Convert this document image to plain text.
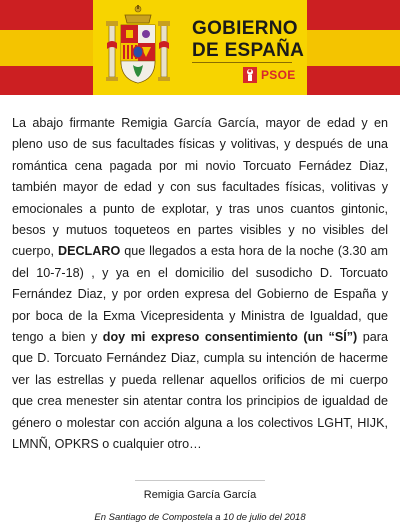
GOBIERNO
DE ESPAÑA
PSOE
La abajo firmante Remigia García García, mayor de edad y en pleno uso de sus facultades físicas y volitivas, y después de una romántica cena pagada por mi novio Torcuato Fernádez Diaz, también mayor de edad y con sus facultades físicas, volitivas y emocionales a punto de explotar, y tras unos cuantos gintonic, besos y mutuos toqueteos en partes visibles y no visibles del cuerpo, DECLARO que llegados a esta hora de la noche (3.30 am del 10-7-18) , y ya en el domicilio del susodicho D. Torcuato Fernández Diaz, y por orden expresa del Gobierno de España y por boca de la Exma Vicepresidenta y Ministra de Igualdad, que tengo a bien y doy mi expreso consentimiento (un “SÍ”) para que D. Torcuato Fernández Diaz, cumpla su intención de hacerme ver las estrellas y pueda rellenar aquellos orificios de mi cuerpo que crea menester sin atentar contra los principios de igualdad de género o molestar con acción alguna a los colectivos LGHT, HIJK, LMNÑ, OPKRS o cualquier otro…
Remigia García García
En Santiago de Compostela a 10 de julio del 2018
